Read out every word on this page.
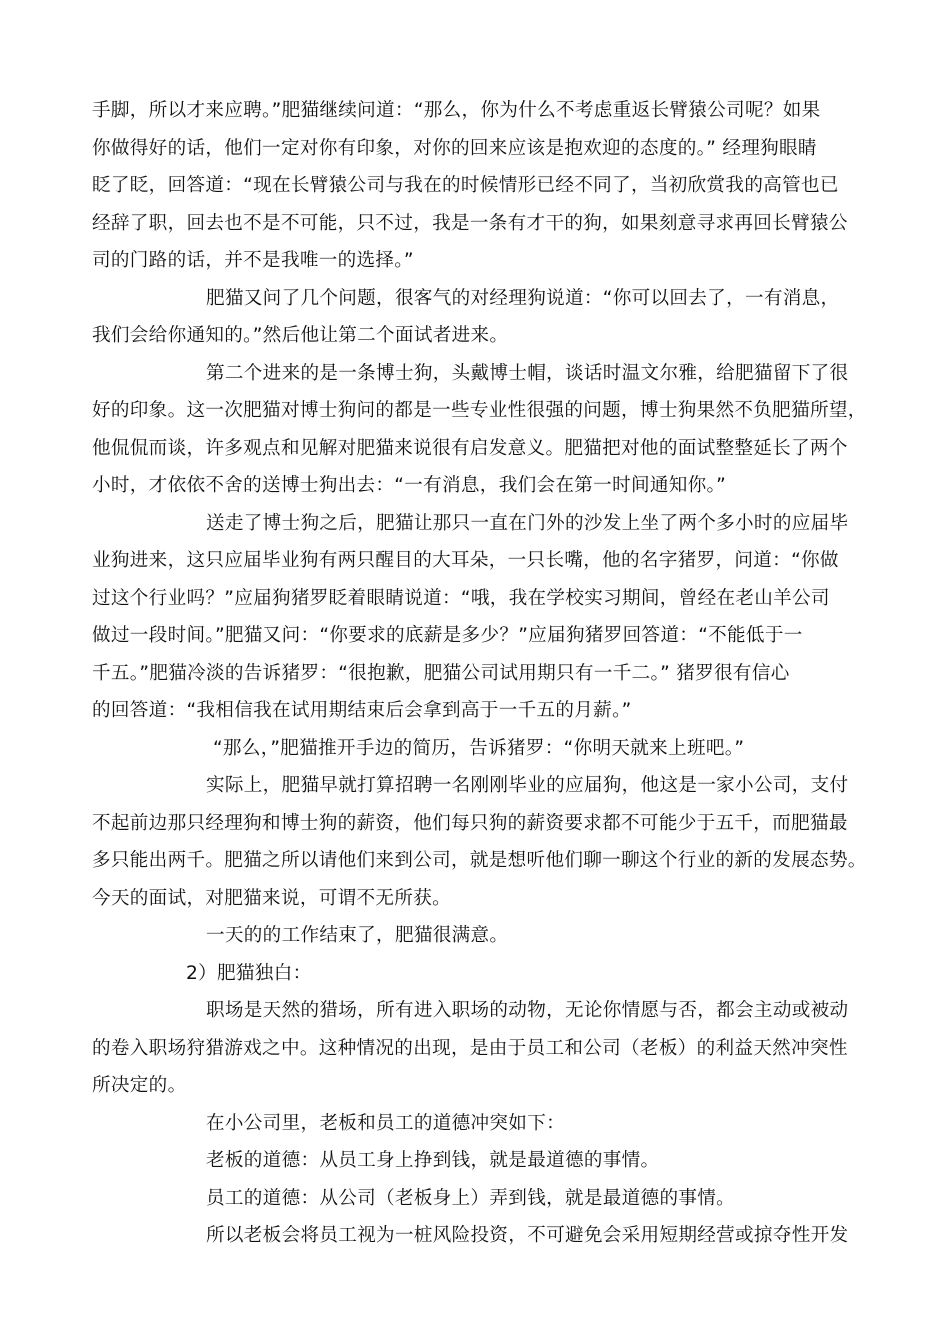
手脚，所以才来应聘。”肥猫继续问道：“那么，你为什么不考虑重返长臂猿公司呢？如果
你做得好的话，他们一定对你有印象，对你的回来应该是抱欢迎的态度的。” 经理狗眼睛
眨了眨，回答道：“现在长臂猿公司与我在的时候情形已经不同了，当初欣赏我的高管也已
经辞了职，回去也不是不可能，只不过，我是一条有才干的狗，如果刻意寻求再回长臂猿公
司的门路的话，并不是我唯一的选择。”
肥猫又问了几个问题，很客气的对经理狗说道：“你可以回去了，一有消息，
我们会给你通知的。”然后他让第二个面试者进来。
第二个进来的是一条博士狗，头戴博士帽，谈话时温文尔雅，给肥猫留下了很
好的印象。这一次肥猫对博士狗问的都是一些专业性很强的问题，博士狗果然不负肥猫所望，
他侃侃而谈，许多观点和见解对肥猫来说很有启发意义。肥猫把对他的面试整整延长了两个
小时，才依依不舍的送博士狗出去：“一有消息，我们会在第一时间通知你。”
送走了博士狗之后，肥猫让那只一直在门外的沙发上坐了两个多小时的应届毕
业狗进来，这只应届毕业狗有两只醒目的大耳朵，一只长嘴，他的名字猪罗，问道：“你做
过这个行业吗？”应届狗猪罗眨着眼睛说道：“哦，我在学校实习期间，曾经在老山羊公司
做过一段时间。”肥猫又问：“你要求的底薪是多少？”应届狗猪罗回答道：“不能低于一
千五。”肥猫冷淡的告诉猪罗：“很抱歉，肥猫公司试用期只有一千二。” 猪罗很有信心
的回答道：“我相信我在试用期结束后会拿到高于一千五的月薪。”
“那么，”肥猫推开手边的简历，告诉猪罗：“你明天就来上班吧。”
实际上，肥猫早就打算招聘一名刚刚毕业的应届狗，他这是一家小公司，支付
不起前边那只经理狗和博士狗的薪资，他们每只狗的薪资要求都不可能少于五千，而肥猫最
多只能出两千。肥猫之所以请他们来到公司，就是想听他们聊一聊这个行业的新的发展态势。
今天的面试，对肥猫来说，可谓不无所获。
一天的的工作结束了，肥猫很满意。
2）肥猫独白：
职场是天然的猎场，所有进入职场的动物，无论你情愿与否，都会主动或被动
的卷入职场狩猎游戏之中。这种情况的出现，是由于员工和公司（老板）的利益天然冲突性
所决定的。
在小公司里，老板和员工的道德冲突如下：
老板的道德：从员工身上挣到钱，就是最道德的事情。
员工的道德：从公司（老板身上）弄到钱，就是最道德的事情。
所以老板会将员工视为一桩风险投资，不可避免会采用短期经营或掠夺性开发
